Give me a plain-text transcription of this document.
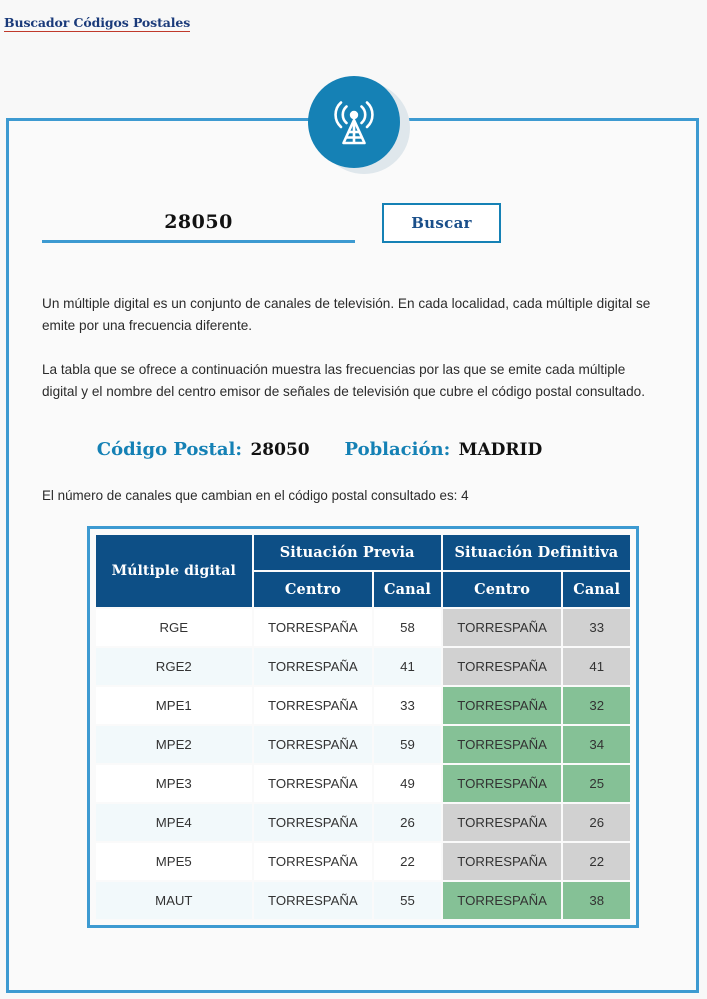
Buscador Códigos Postales
28050
Buscar

Un múltiple digital es un conjunto de canales de televisión. En cada localidad, cada múltiple digital se emite por una frecuencia diferente.

La tabla que se ofrece a continuación muestra las frecuencias por las que se emite cada múltiple digital y el nombre del centro emisor de señales de televisión que cubre el código postal consultado.

Código Postal: 28050 Población: MADRID
El número de canales que cambian en el código postal consultado es: 4
Múltiple digital	Situación Previa		Situación Definitiva	
	Centro	Canal	Centro	Canal
RGE	TORRESPAÑA	58	TORRESPAÑA	33
RGE2	TORRESPAÑA	41	TORRESPAÑA	41
MPE1	TORRESPAÑA	33	TORRESPAÑA	32
MPE2	TORRESPAÑA	59	TORRESPAÑA	34
MPE3	TORRESPAÑA	49	TORRESPAÑA	25
MPE4	TORRESPAÑA	26	TORRESPAÑA	26
MPE5	TORRESPAÑA	22	TORRESPAÑA	22
MAUT	TORRESPAÑA	55	TORRESPAÑA	38
